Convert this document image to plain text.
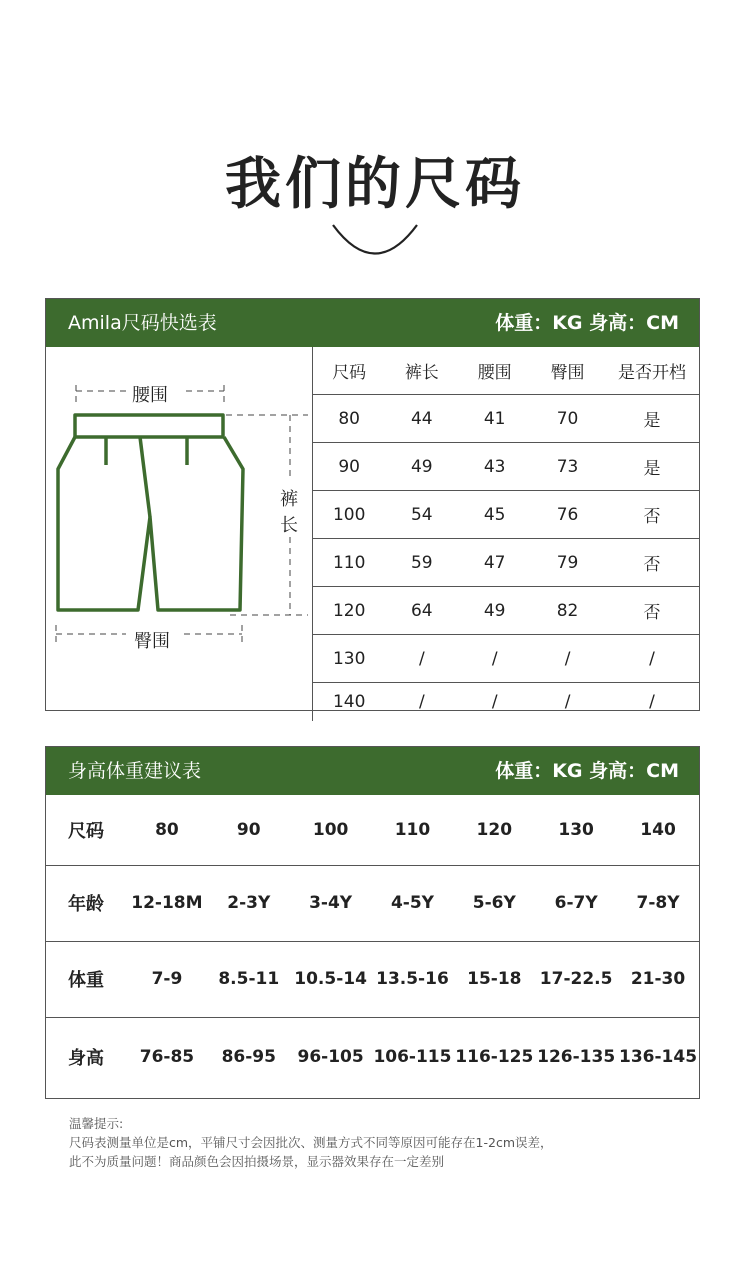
我们的尺码
Amila尺码快选表	体重：KG 身高：CM
腰围
裤
长
臀围
尺码	裤长	腰围	臀围	是否开档
80	44	41	70	是
90	49	43	73	是
100	54	45	76	否
110	59	47	79	否
120	64	49	82	否
130	/	/	/	/
140	/	/	/	/
身高体重建议表	体重：KG 身高：CM
尺码	80	90	100	110	120	130	140
年龄	12-18M	2-3Y	3-4Y	4-5Y	5-6Y	6-7Y	7-8Y
体重	7-9	8.5-11	10.5-14	13.5-16	15-18	17-22.5	21-30
身高	76-85	86-95	96-105	106-115	116-125	126-135	136-145
温馨提示:
尺码表测量单位是cm，平铺尺寸会因批次、测量方式不同等原因可能存在1-2cm误差，
此不为质量问题！商品颜色会因拍摄场景，显示器效果存在一定差别
